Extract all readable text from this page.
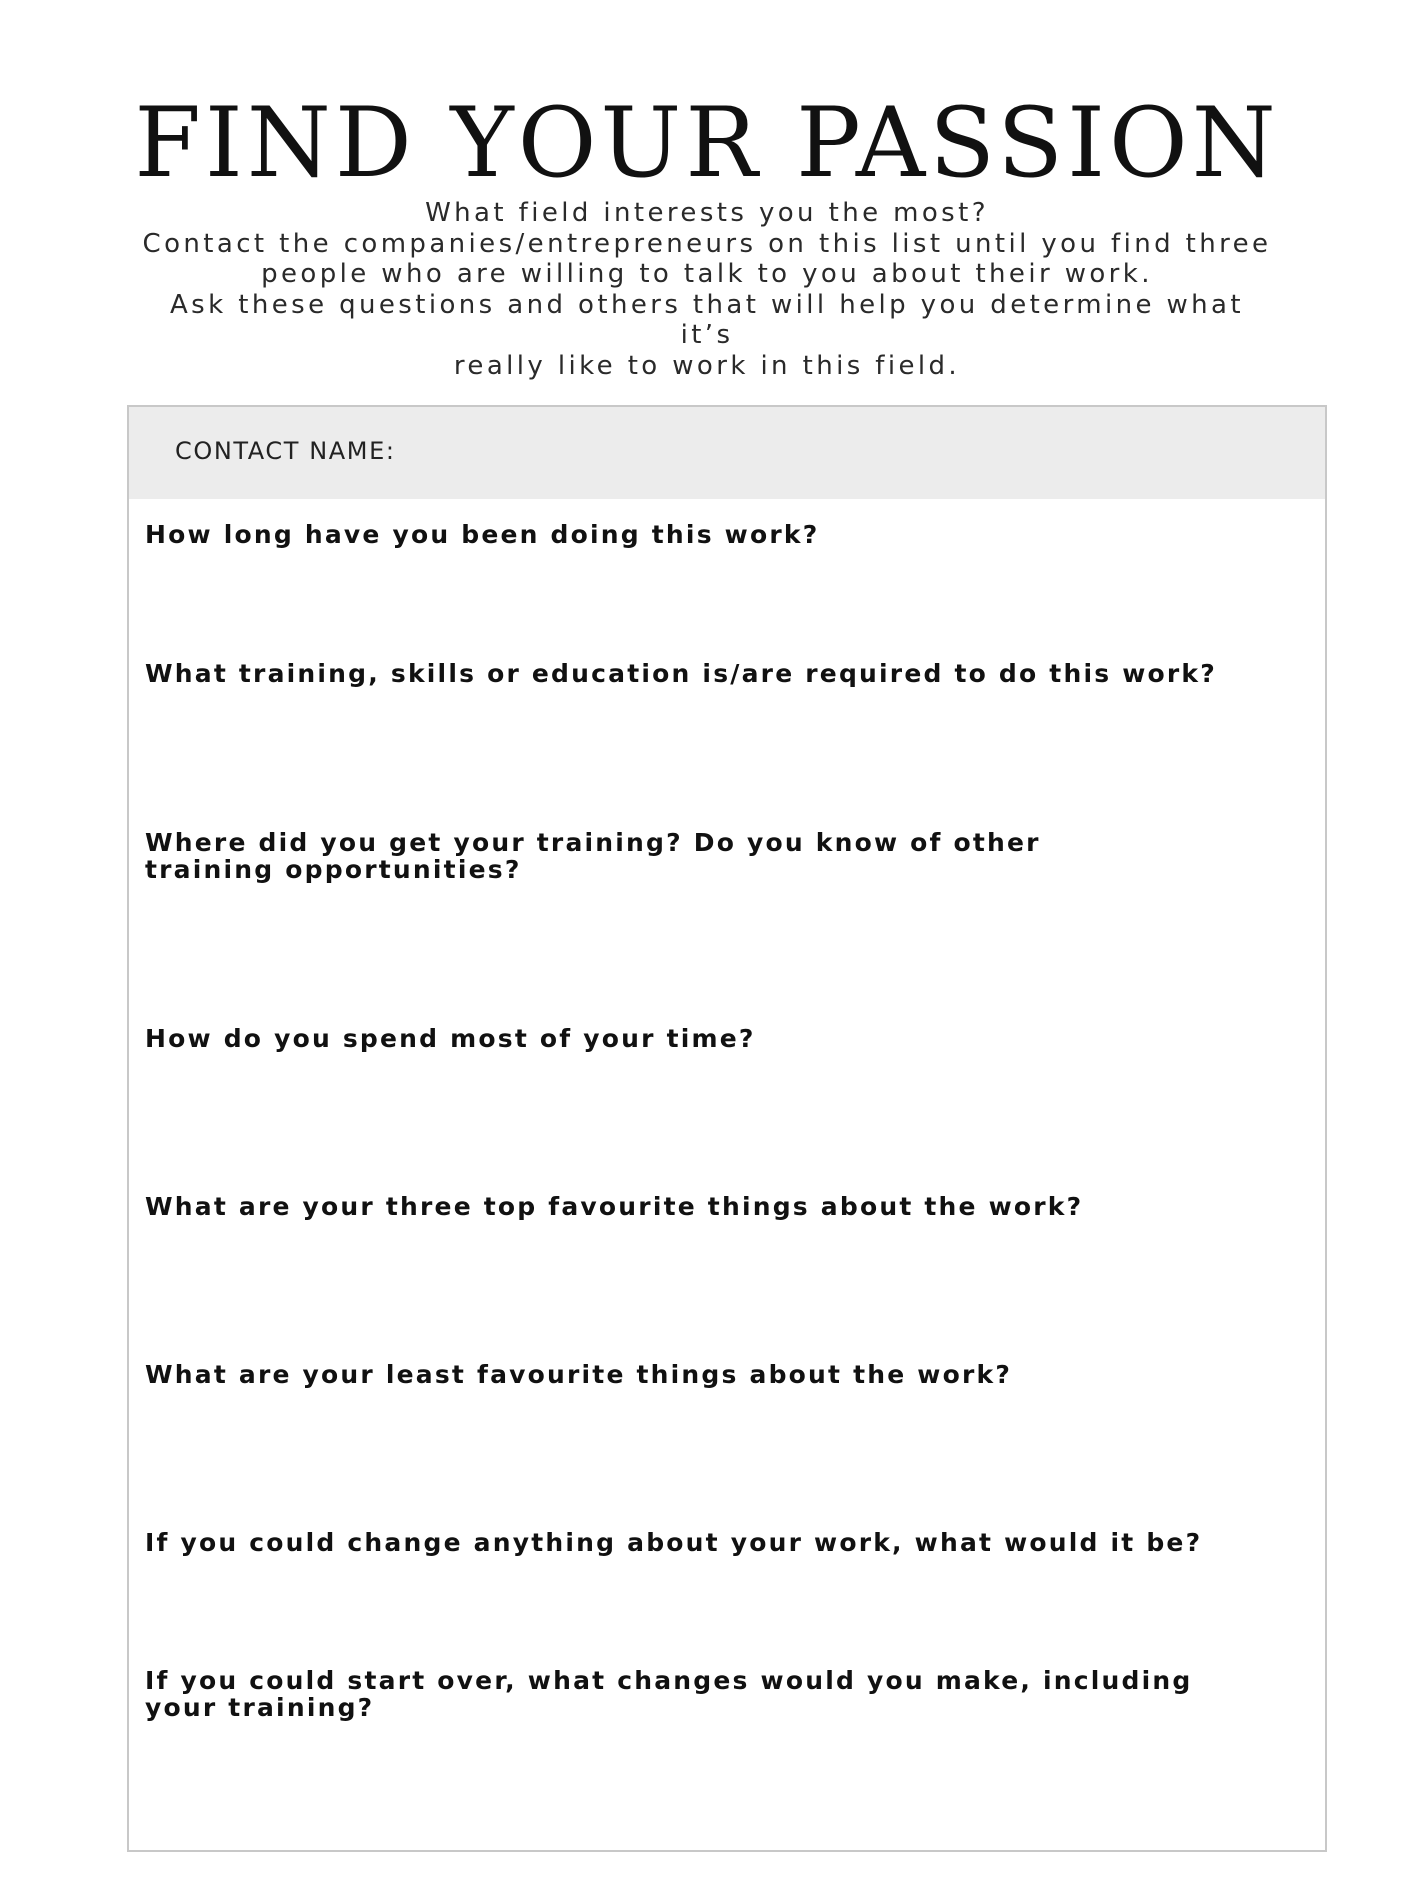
FIND YOUR PASSION
What field interests you the most?
Contact the companies/entrepreneurs on this list until you find three
people who are willing to talk to you about their work.
Ask these questions and others that will help you determine what it’s
really like to work in this field.
CONTACT NAME:
How long have you been doing this work?
What training, skills or education is/are required to do this work?
Where did you get your training? Do you know of other training opportunities?
How do you spend most of your time?
What are your three top favourite things about the work?
What are your least favourite things about the work?
If you could change anything about your work, what would it be?
If you could start over, what changes would you make, including your training?
